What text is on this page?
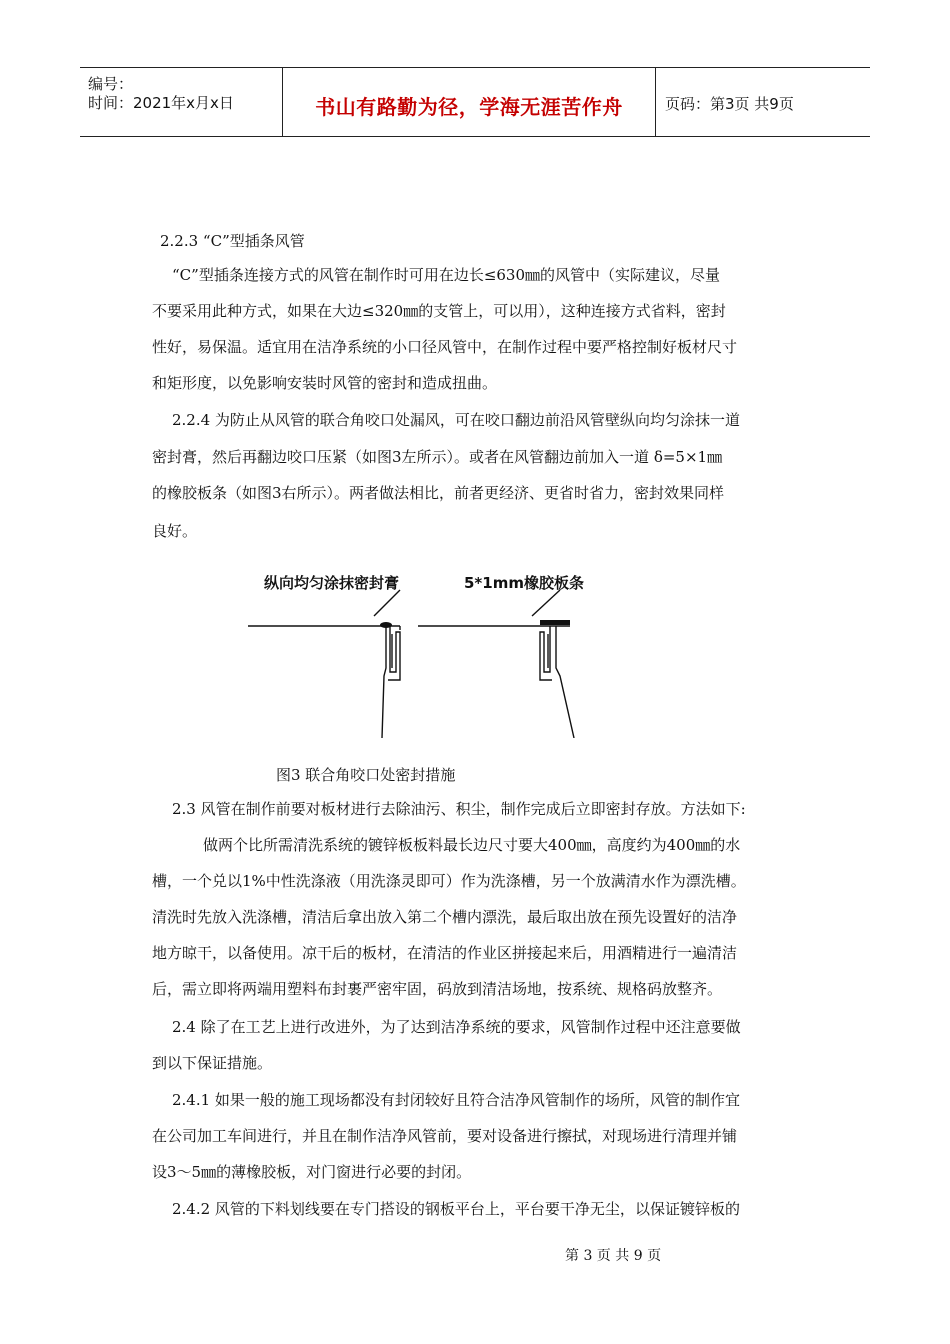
编号：
时间：2021年x月x日	书山有路勤为径，学海无涯苦作舟	页码：第3页 共9页
2.2.3 “C”型插条风管
“C”型插条连接方式的风管在制作时可用在边长≤630㎜的风管中（实际建议，尽量
不要采用此种方式，如果在大边≤320㎜的支管上，可以用），这种连接方式省料，密封
性好，易保温。适宜用在洁净系统的小口径风管中，在制作过程中要严格控制好板材尺寸
和矩形度，以免影响安装时风管的密封和造成扭曲。
2.2.4 为防止从风管的联合角咬口处漏风，可在咬口翻边前沿风管壁纵向均匀涂抹一道
密封膏，然后再翻边咬口压紧（如图3左所示）。或者在风管翻边前加入一道 δ=5×1㎜
的橡胶板条（如图3右所示）。两者做法相比，前者更经济、更省时省力，密封效果同样
良好。
纵向均匀涂抹密封膏	5*1mm橡胶板条
图3 联合角咬口处密封措施
2.3 风管在制作前要对板材进行去除油污、积尘，制作完成后立即密封存放。方法如下:
做两个比所需清洗系统的镀锌板板料最长边尺寸要大400㎜，高度约为400㎜的水
槽，一个兑以1%中性洗涤液（用洗涤灵即可）作为洗涤槽，另一个放满清水作为漂洗槽。
清洗时先放入洗涤槽，清洁后拿出放入第二个槽内漂洗，最后取出放在预先设置好的洁净
地方晾干，以备使用。凉干后的板材，在清洁的作业区拼接起来后，用酒精进行一遍清洁
后，需立即将两端用塑料布封裹严密牢固，码放到清洁场地，按系统、规格码放整齐。
2.4 除了在工艺上进行改进外，为了达到洁净系统的要求，风管制作过程中还注意要做
到以下保证措施。
2.4.1 如果一般的施工现场都没有封闭较好且符合洁净风管制作的场所，风管的制作宜
在公司加工车间进行，并且在制作洁净风管前，要对设备进行擦拭，对现场进行清理并铺
设3～5㎜的薄橡胶板，对门窗进行必要的封闭。
2.4.2 风管的下料划线要在专门搭设的钢板平台上，平台要干净无尘，以保证镀锌板的
第 3 页 共 9 页
